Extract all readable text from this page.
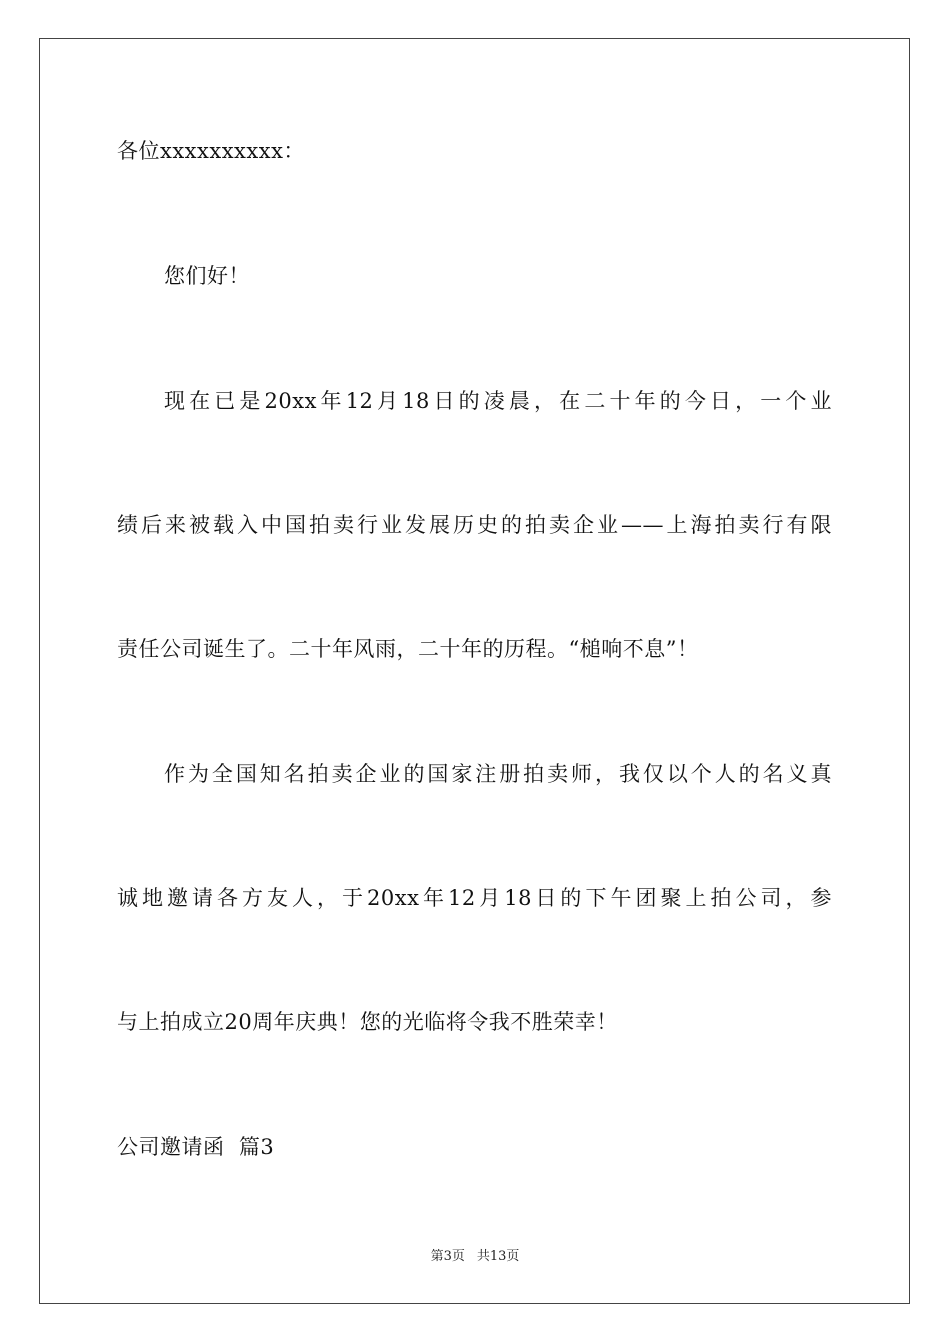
各位xxxxxxxxxx：
您们好！
现在已是20xx年12月18日的凌晨，在二十年的今日，一个业
绩后来被载入中国拍卖行业发展历史的拍卖企业——上海拍卖行有限
责任公司诞生了。二十年风雨，二十年的历程。“槌响不息”！
作为全国知名拍卖企业的国家注册拍卖师，我仅以个人的名义真
诚地邀请各方友人，于20xx年12月18日的下午团聚上拍公司，参
与上拍成立20周年庆典！您的光临将令我不胜荣幸！
公司邀请函  篇3
第3页 共13页
